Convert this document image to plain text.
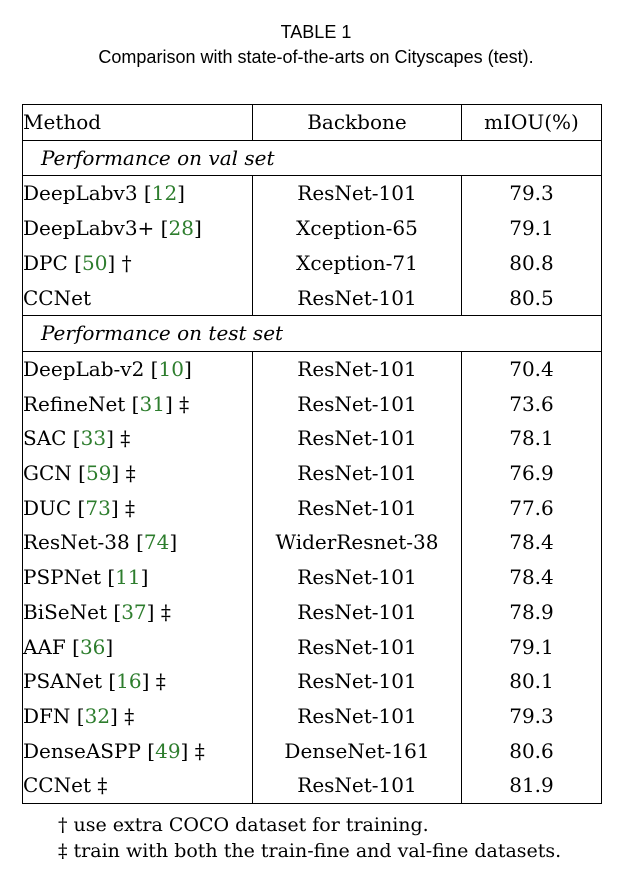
TABLE 1
Comparison with state-of-the-arts on Cityscapes (test).
Method	Backbone	mIOU(%)
Performance on val set		
DeepLabv3 [12]	ResNet-101	79.3
DeepLabv3+ [28]	Xception-65	79.1
DPC [50] †	Xception-71	80.8
CCNet	ResNet-101	80.5
Performance on test set		
DeepLab-v2 [10]	ResNet-101	70.4
RefineNet [31] ‡	ResNet-101	73.6
SAC [33] ‡	ResNet-101	78.1
GCN [59] ‡	ResNet-101	76.9
DUC [73] ‡	ResNet-101	77.6
ResNet-38 [74]	WiderResnet-38	78.4
PSPNet [11]	ResNet-101	78.4
BiSeNet [37] ‡	ResNet-101	78.9
AAF [36]	ResNet-101	79.1
PSANet [16] ‡	ResNet-101	80.1
DFN [32] ‡	ResNet-101	79.3
DenseASPP [49] ‡	DenseNet-161	80.6
CCNet ‡	ResNet-101	81.9
† use extra COCO dataset for training.
‡ train with both the train-fine and val-fine datasets.
